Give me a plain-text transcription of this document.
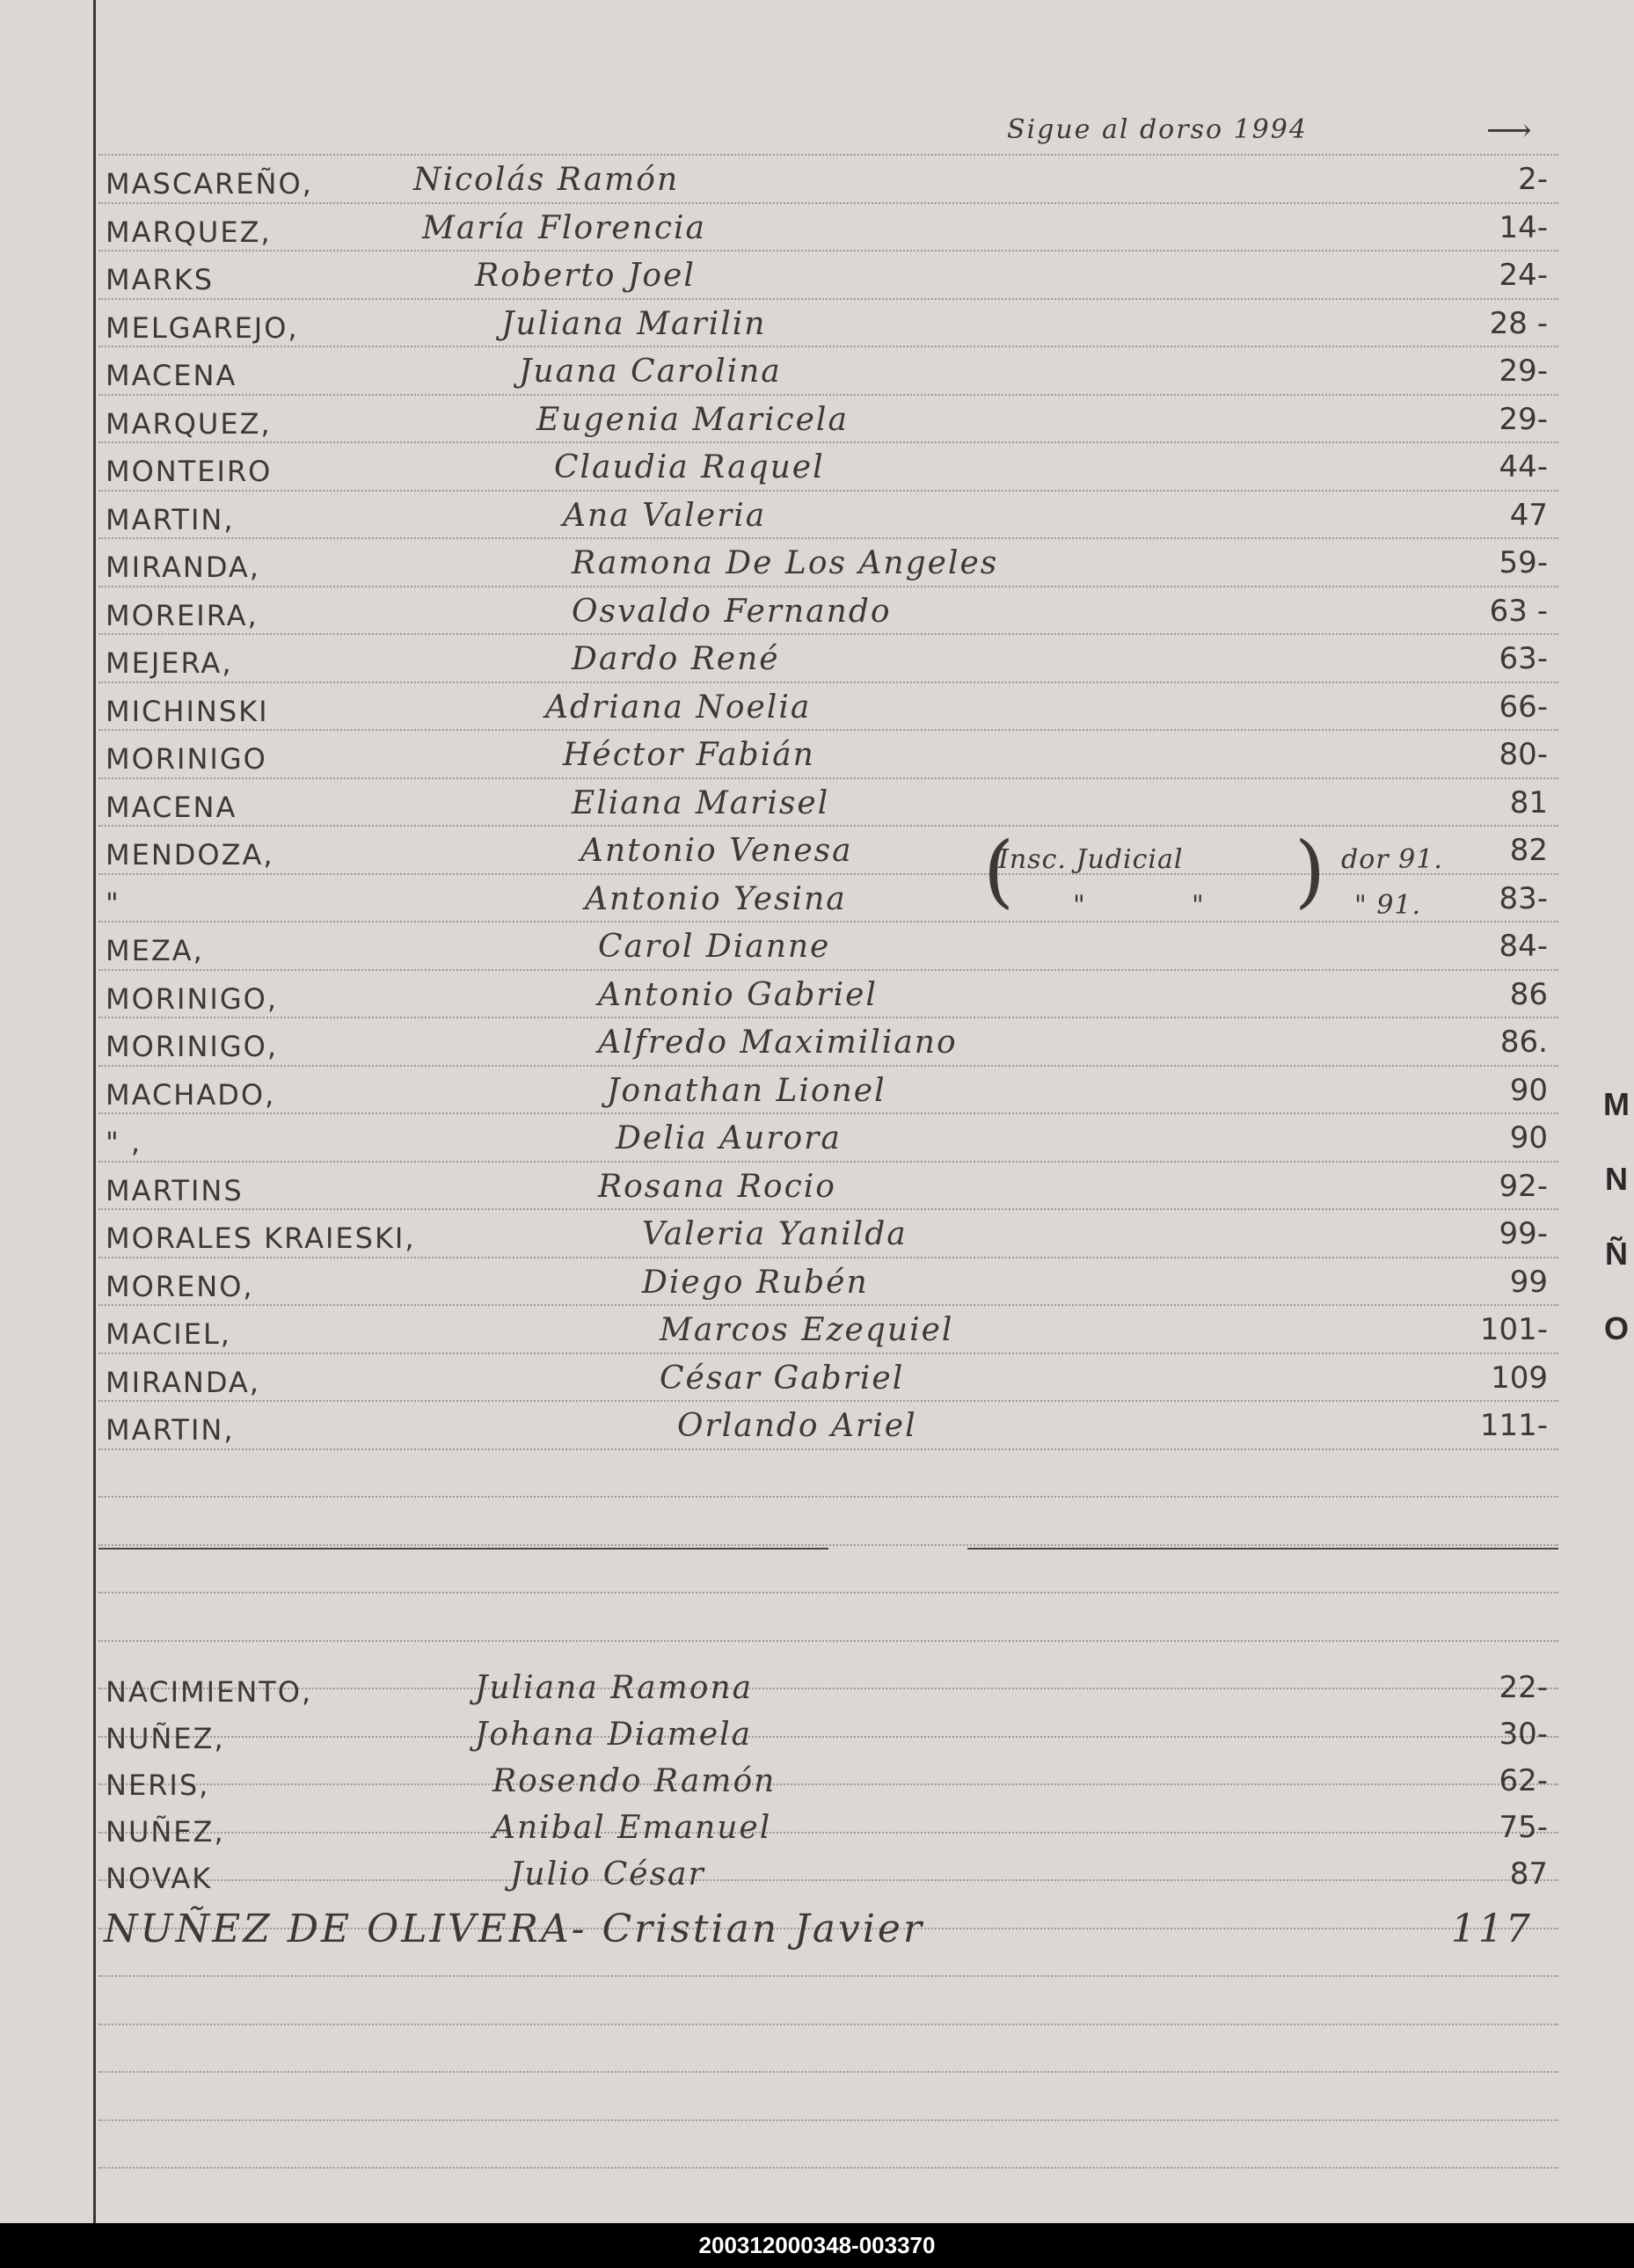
Sigue al dorso 1994	⟶
MASCAREÑO,	Nicolás Ramón	2-
MARQUEZ,	María Florencia	14-
MARKS	Roberto Joel	24-
MELGAREJO,	Juliana Marilin	28 -
MACENA	Juana Carolina	29-
MARQUEZ,	Eugenia Maricela	29-
MONTEIRO	Claudia Raquel	44-
MARTIN,	Ana Valeria	47
MIRANDA,	Ramona De Los Angeles	59-
MOREIRA,	Osvaldo Fernando	63 -
MEJERA,	Dardo René	63-
MICHINSKI	Adriana Noelia	66-
MORINIGO	Héctor Fabián	80-
MACENA	Eliana Marisel	81
MENDOZA,	Antonio Venesa	82
"	Antonio Yesina	83-
MEZA,	Carol Dianne	84-
MORINIGO,	Antonio Gabriel	86
MORINIGO,	Alfredo Maximiliano	86.
MACHADO,	Jonathan Lionel	90
" ,	Delia Aurora	90
MARTINS	Rosana Rocio	92-
MORALES KRAIESKI,	Valeria Yanilda	99-
MORENO,	Diego Rubén	99
MACIEL,	Marcos Ezequiel	101-
MIRANDA,	César Gabriel	109
MARTIN,	Orlando Ariel	111-
Insc. Judicial
(	) dor 91.
" 91.
"	"
NACIMIENTO,	Juliana Ramona	22-
NUÑEZ,	Johana Diamela	30-
NERIS,	Rosendo Ramón	62-
NUÑEZ,	Anibal Emanuel	75-
NOVAK	Julio César	87
NUÑEZ DE OLIVERA- Cristian Javier	117
M
N
Ñ
O
200312000348-003370
